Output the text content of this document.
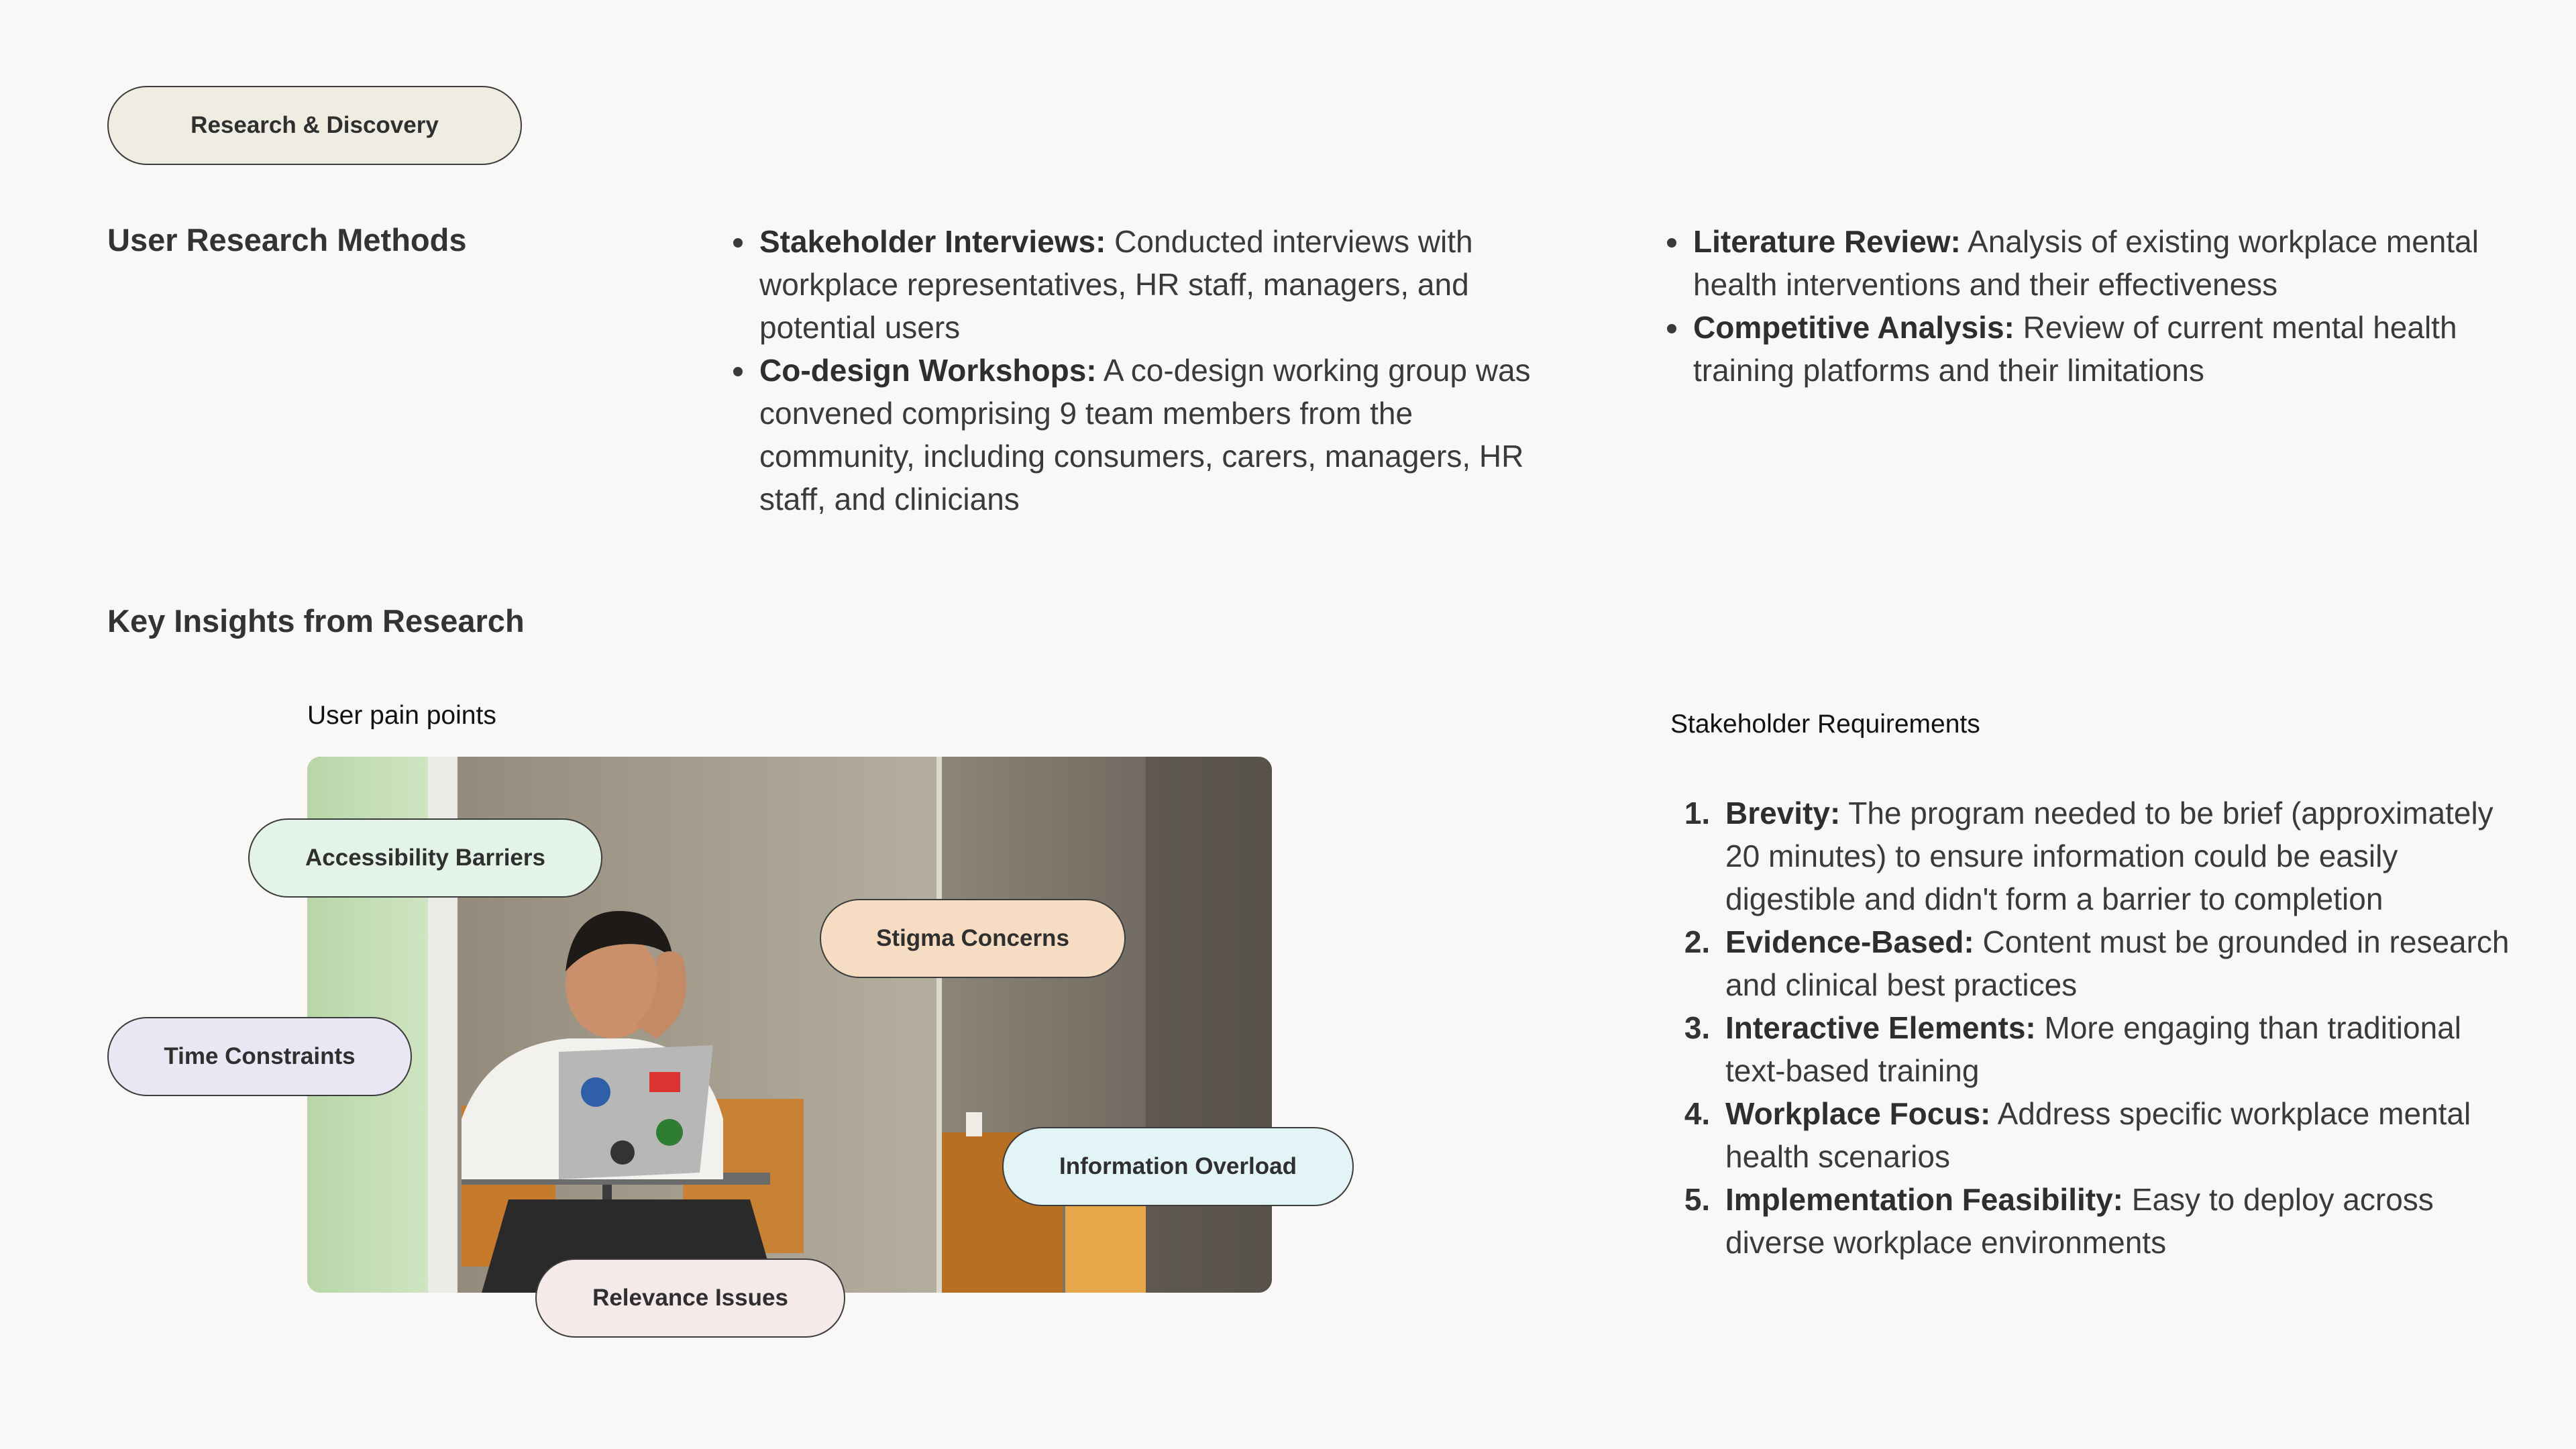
Research & Discovery
User Research Methods
•	Stakeholder Interviews: Conducted interviews with workplace representatives, HR staff, managers, and potential users
• Co-design Workshops: A co-design working group was convened comprising 9 team members from the community, including consumers, carers, managers, HR staff, and clinicians
• Literature Review: Analysis of existing workplace mental health interventions and their effectiveness
• Competitive Analysis: Review of current mental health training platforms and their limitations
Key Insights from Research
User pain points
Accessibility Barriers
Stigma Concerns
Time Constraints
Information Overload
Relevance Issues
Stakeholder Requirements
1. Brevity: The program needed to be brief (approximately 20 minutes) to ensure information could be easily digestible and didn't form a barrier to completion
2. Evidence-Based: Content must be grounded in research and clinical best practices
3. Interactive Elements: More engaging than traditional text-based training
4. Workplace Focus: Address specific workplace mental health scenarios
5. Implementation Feasibility: Easy to deploy across diverse workplace environments
